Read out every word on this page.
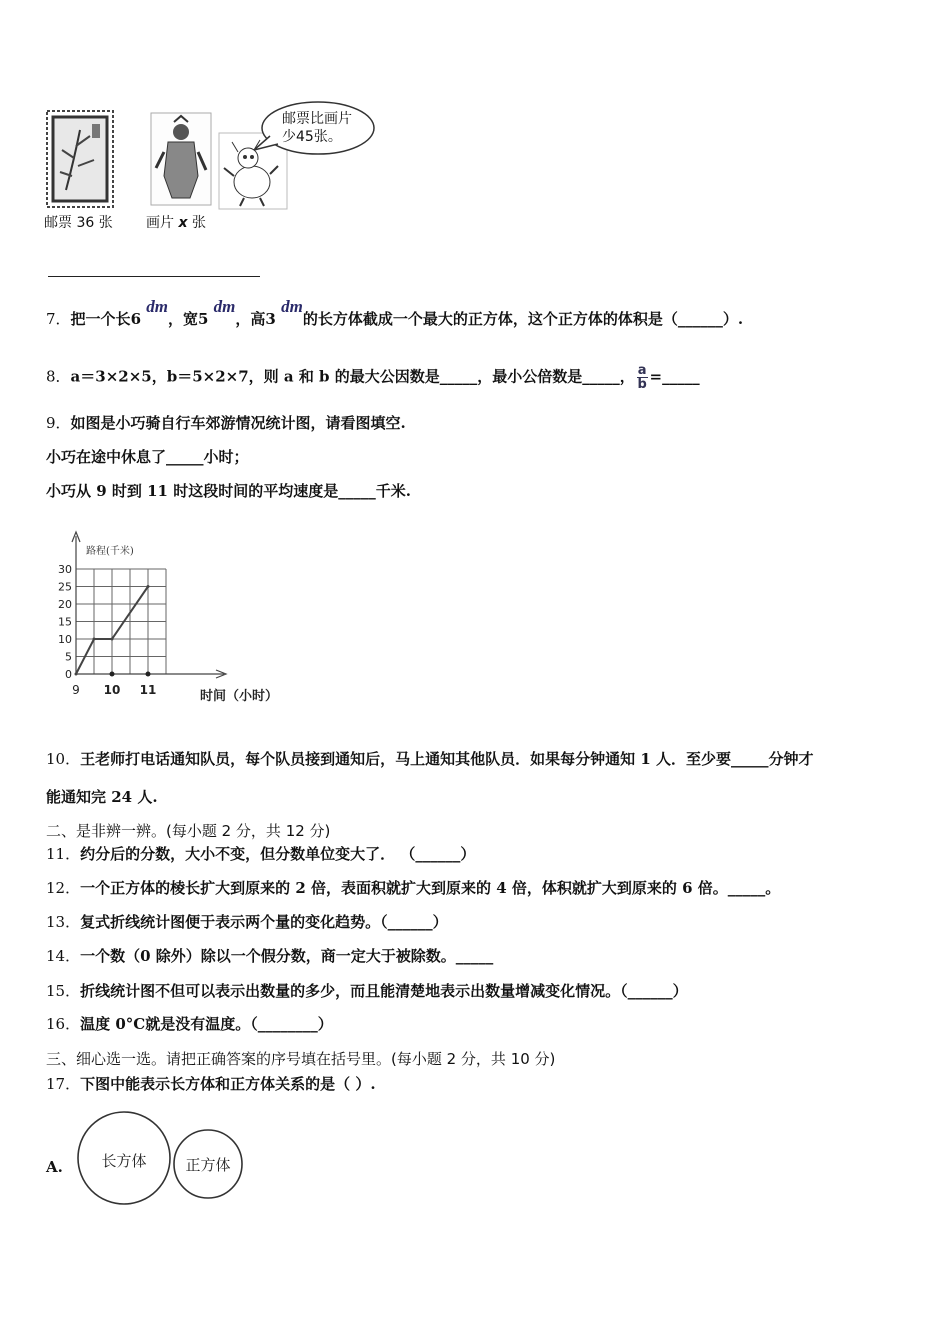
邮票比画片
少45张。
邮票 36 张 画片 x 张
7．把一个长6 dm，宽5 dm，高3 dm的长方体截成一个最大的正方体，这个正方体的体积是（______）.
8．a＝3×2×5，b＝5×2×7，则 a 和 b 的最大公因数是_____，最小公倍数是_____， $\frac{a}{b}$ =_____
9．如图是小巧骑自行车郊游情况统计图，请看图填空.
小巧在途中休息了_____小时；
小巧从 9 时到 11 时这段时间的平均速度是_____千米.
路程(千米)
30
25
20
15
10
5
0
9 10 11	时间（小时）
10．王老师打电话通知队员，每个队员接到通知后，马上通知其他队员．如果每分钟通知 1 人．至少要_____分钟才
能通知完 24 人.
二、是非辨一辨。(每小题 2 分，共 12 分)
11．约分后的分数，大小不变，但分数单位变大了． （______）
12．一个正方体的棱长扩大到原来的 2 倍，表面积就扩大到原来的 4 倍，体积就扩大到原来的 6 倍。_____。
13．复式折线统计图便于表示两个量的变化趋势。（______）
14．一个数（0 除外）除以一个假分数，商一定大于被除数。_____
15．折线统计图不但可以表示出数量的多少，而且能清楚地表示出数量增减变化情况。（______）
16．温度 0°C就是没有温度。（________）
三、细心选一选。请把正确答案的序号填在括号里。(每小题 2 分，共 10 分)
17．下图中能表示长方体和正方体关系的是（ ）.
A.	长方体	正方体
